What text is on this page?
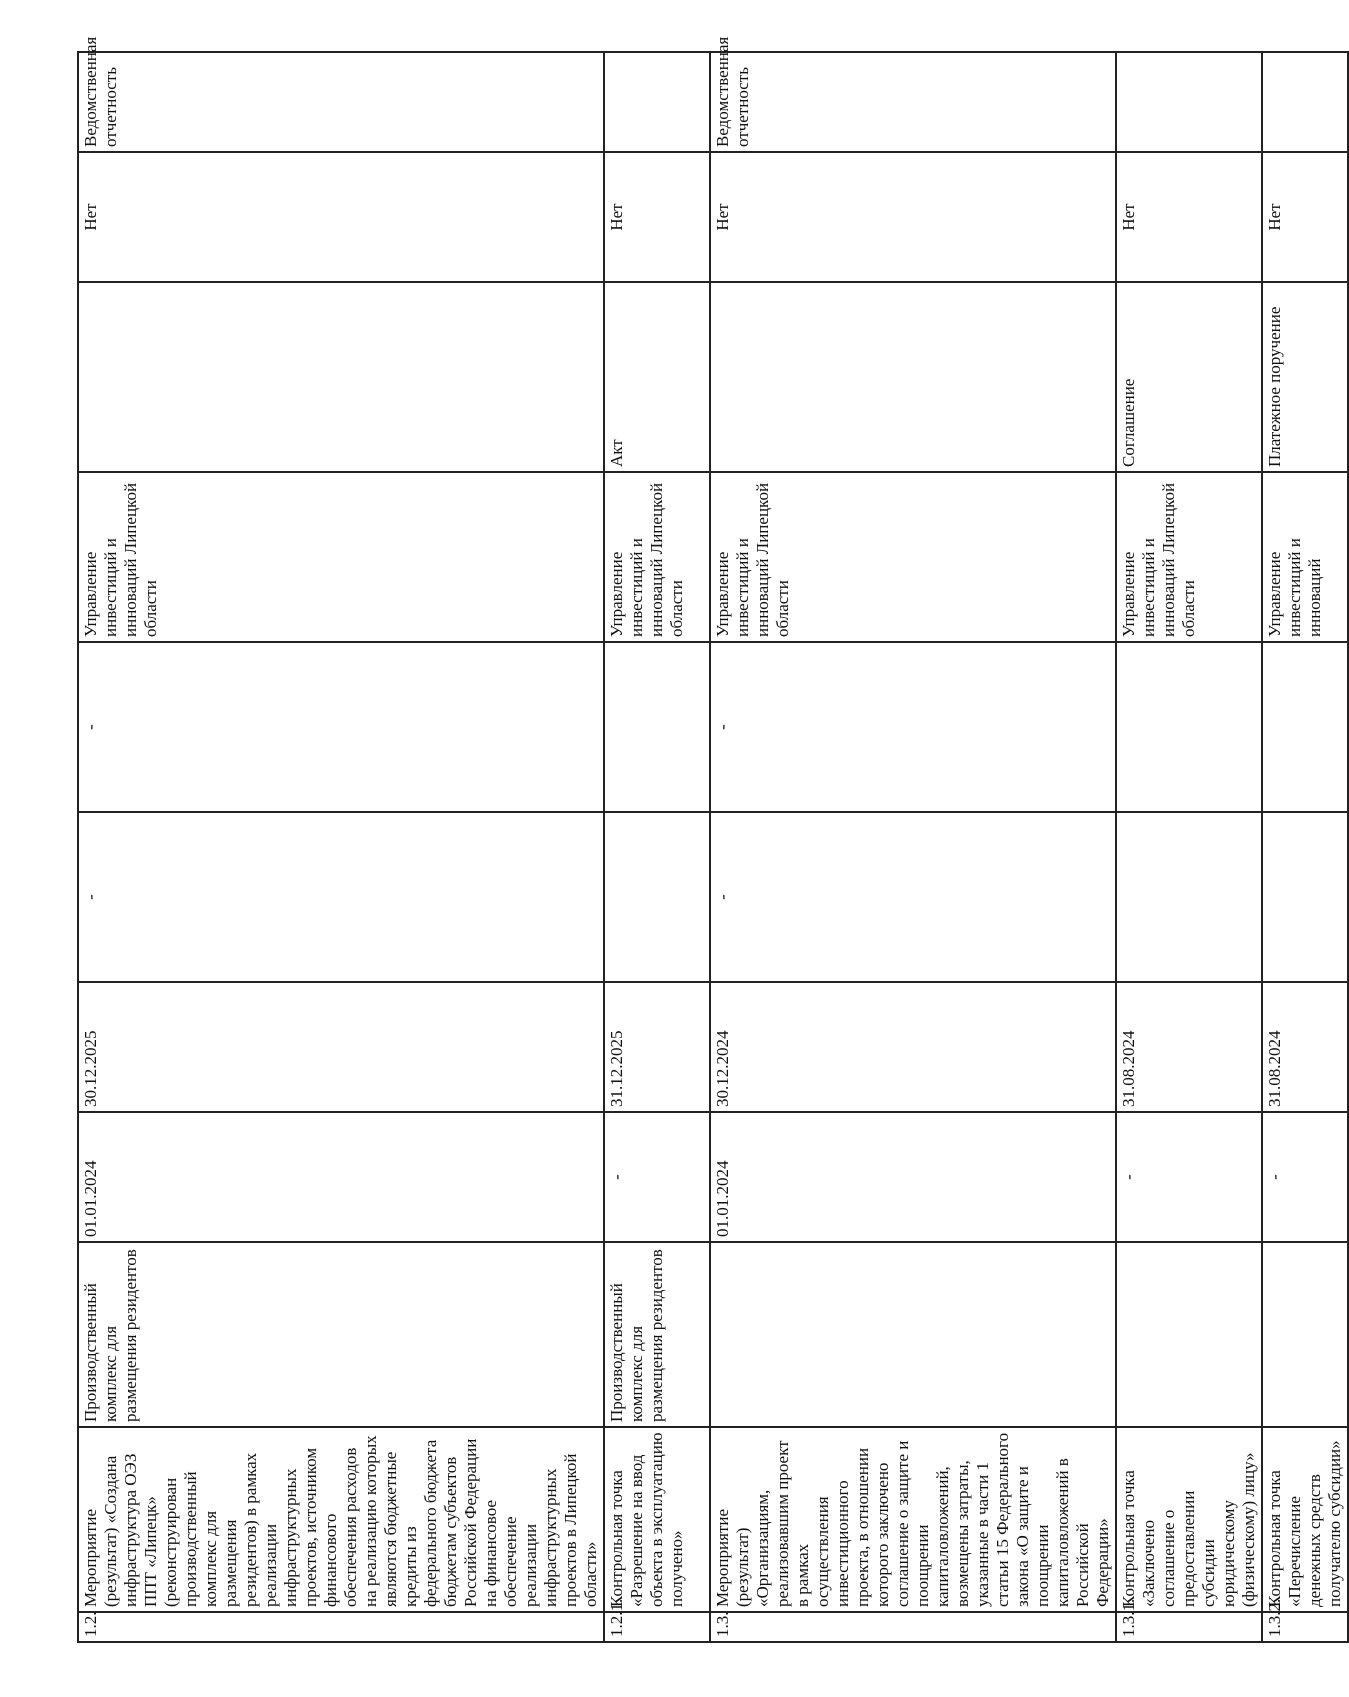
1.2.	Мероприятие (результат) «Создана инфраструктура ОЭЗ ППТ «Липецк» (реконструирован производственный комплекс для размещения резидентов) в рамках реализации инфраструктурных проектов, источником финансового обеспечения расходов на реализацию которых являются бюджетные кредиты из федерального бюджета бюджетам субъектов Российской Федерации на финансовое обеспечение реализации инфраструктурных проектов в Липецкой области»	Производственный комплекс для размещения резидентов	01.01.2024	30.12.2025	-	-	Управление инвестиций и инноваций Липецкой области		Нет	Ведомственная отчетность
1.2.1.	Контрольная точка «Разрешение на ввод объекта в эксплуатацию получено»	Производственный комплекс для размещения резидентов	-	31.12.2025			Управление инвестиций и инноваций Липецкой области	Акт	Нет	
1.3.	Мероприятие (результат) «Организациям, реализовавшим проект в рамках осуществления инвестиционного проекта, в отношении которого заключено соглашение о защите и поощрении капиталовложений, возмещены затраты, указанные в части 1 статьи 15 Федерального закона «О защите и поощрении капиталовложений в Российской Федерации»		01.01.2024	30.12.2024	-	-	Управление инвестиций и инноваций Липецкой области		Нет	Ведомственная отчетность
1.3.1.	Контрольная точка «Заключено соглашение о предоставлении субсидии юридическому (физическому) лицу»		-	31.08.2024			Управление инвестиций и инноваций Липецкой области	Соглашение	Нет	
1.3.2.	Контрольная точка «Перечисление денежных средств получателю субсидии»		-	31.08.2024			Управление инвестиций и инноваций	Платежное поручение	Нет	
